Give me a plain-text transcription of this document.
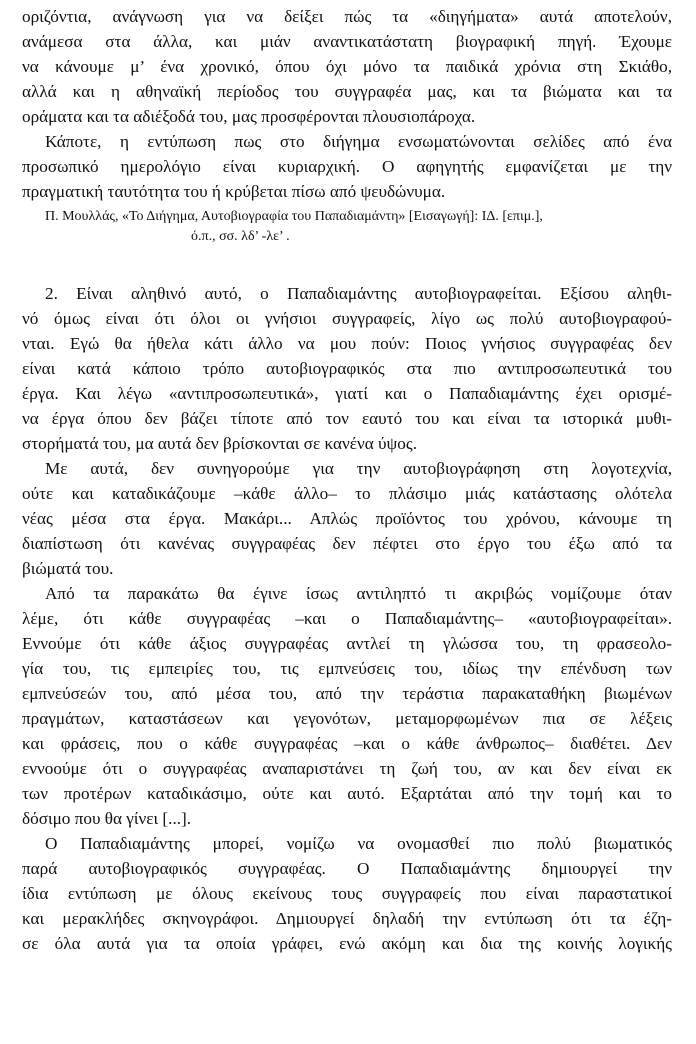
οριζόντια, ανάγνωση για να δείξει πώς τα «διηγήματα» αυτά αποτελούν,
ανάμεσα στα άλλα, και μιάν αναντικατάστατη βιογραφική πηγή. Έχουμε
να κάνουμε μ’ ένα χρονικό, όπου όχι μόνο τα παιδικά χρόνια στη Σκιάθο,
αλλά και η αθηναϊκή περίοδος του συγγραφέα μας, και τα βιώματα και τα
οράματα και τα αδιέξοδά του, μας προσφέρονται πλουσιοπάροχα.
Κάποτε, η εντύπωση πως στο διήγημα ενσωματώνονται σελίδες από ένα
προσωπικό ημερολόγιο είναι κυριαρχική. Ο αφηγητής εμφανίζεται με την
πραγματική ταυτότητα του ή κρύβεται πίσω από ψευδώνυμα.
Π. Μουλλάς, «Το Διήγημα, Αυτοβιογραφία του Παπαδιαμάντη» [Εισαγωγή]: ΙΔ. [επιμ.],
ό.π., σσ. λδ’ -λε’ .
2. Είναι αληθινό αυτό, ο Παπαδιαμάντης αυτοβιογραφείται. Εξίσου αληθι-
νό όμως είναι ότι όλοι οι γνήσιοι συγγραφείς, λίγο ως πολύ αυτοβιογραφού-
νται. Εγώ θα ήθελα κάτι άλλο να μου πούν: Ποιος γνήσιος συγγραφέας δεν
είναι κατά κάποιο τρόπο αυτοβιογραφικός στα πιο αντιπροσωπευτικά του
έργα. Και λέγω «αντιπροσωπευτικά», γιατί και ο Παπαδιαμάντης έχει ορισμέ-
να έργα όπου δεν βάζει τίποτε από τον εαυτό του και είναι τα ιστορικά μυθι-
στορήματά του, μα αυτά δεν βρίσκονται σε κανένα ύψος.
Με αυτά, δεν συνηγορούμε για την αυτοβιογράφηση στη λογοτεχνία,
ούτε και καταδικάζουμε –κάθε άλλο– το πλάσιμο μιάς κατάστασης ολότελα
νέας μέσα στα έργα. Μακάρι... Απλώς προϊόντος του χρόνου, κάνουμε τη
διαπίστωση ότι κανένας συγγραφέας δεν πέφτει στο έργο του έξω από τα
βιώματά του.
Από τα παρακάτω θα έγινε ίσως αντιληπτό τι ακριβώς νομίζουμε όταν
λέμε, ότι κάθε συγγραφέας –και ο Παπαδιαμάντης– «αυτοβιογραφείται».
Εννούμε ότι κάθε άξιος συγγραφέας αντλεί τη γλώσσα του, τη φρασεολο-
γία του, τις εμπειρίες του, τις εμπνεύσεις του, ιδίως την επένδυση των
εμπνεύσεών του, από μέσα του, από την τεράστια παρακαταθήκη βιωμένων
πραγμάτων, καταστάσεων και γεγονότων, μεταμορφωμένων πια σε λέξεις
και φράσεις, που ο κάθε συγγραφέας –και ο κάθε άνθρωπος– διαθέτει. Δεν
εννοούμε ότι ο συγγραφέας αναπαριστάνει τη ζωή του, αν και δεν είναι εκ
των προτέρων καταδικάσιμο, ούτε και αυτό. Εξαρτάται από την τομή και το
δόσιμο που θα γίνει [...].
Ο Παπαδιαμάντης μπορεί, νομίζω να ονομασθεί πιο πολύ βιωματικός
παρά αυτοβιογραφικός συγγραφέας. Ο Παπαδιαμάντης δημιουργεί την
ίδια εντύπωση με όλους εκείνους τους συγγραφείς που είναι παραστατικοί
και μερακλήδες σκηνογράφοι. Δημιουργεί δηλαδή την εντύπωση ότι τα έζη-
σε όλα αυτά για τα οποία γράφει, ενώ ακόμη και δια της κοινής λογικής
